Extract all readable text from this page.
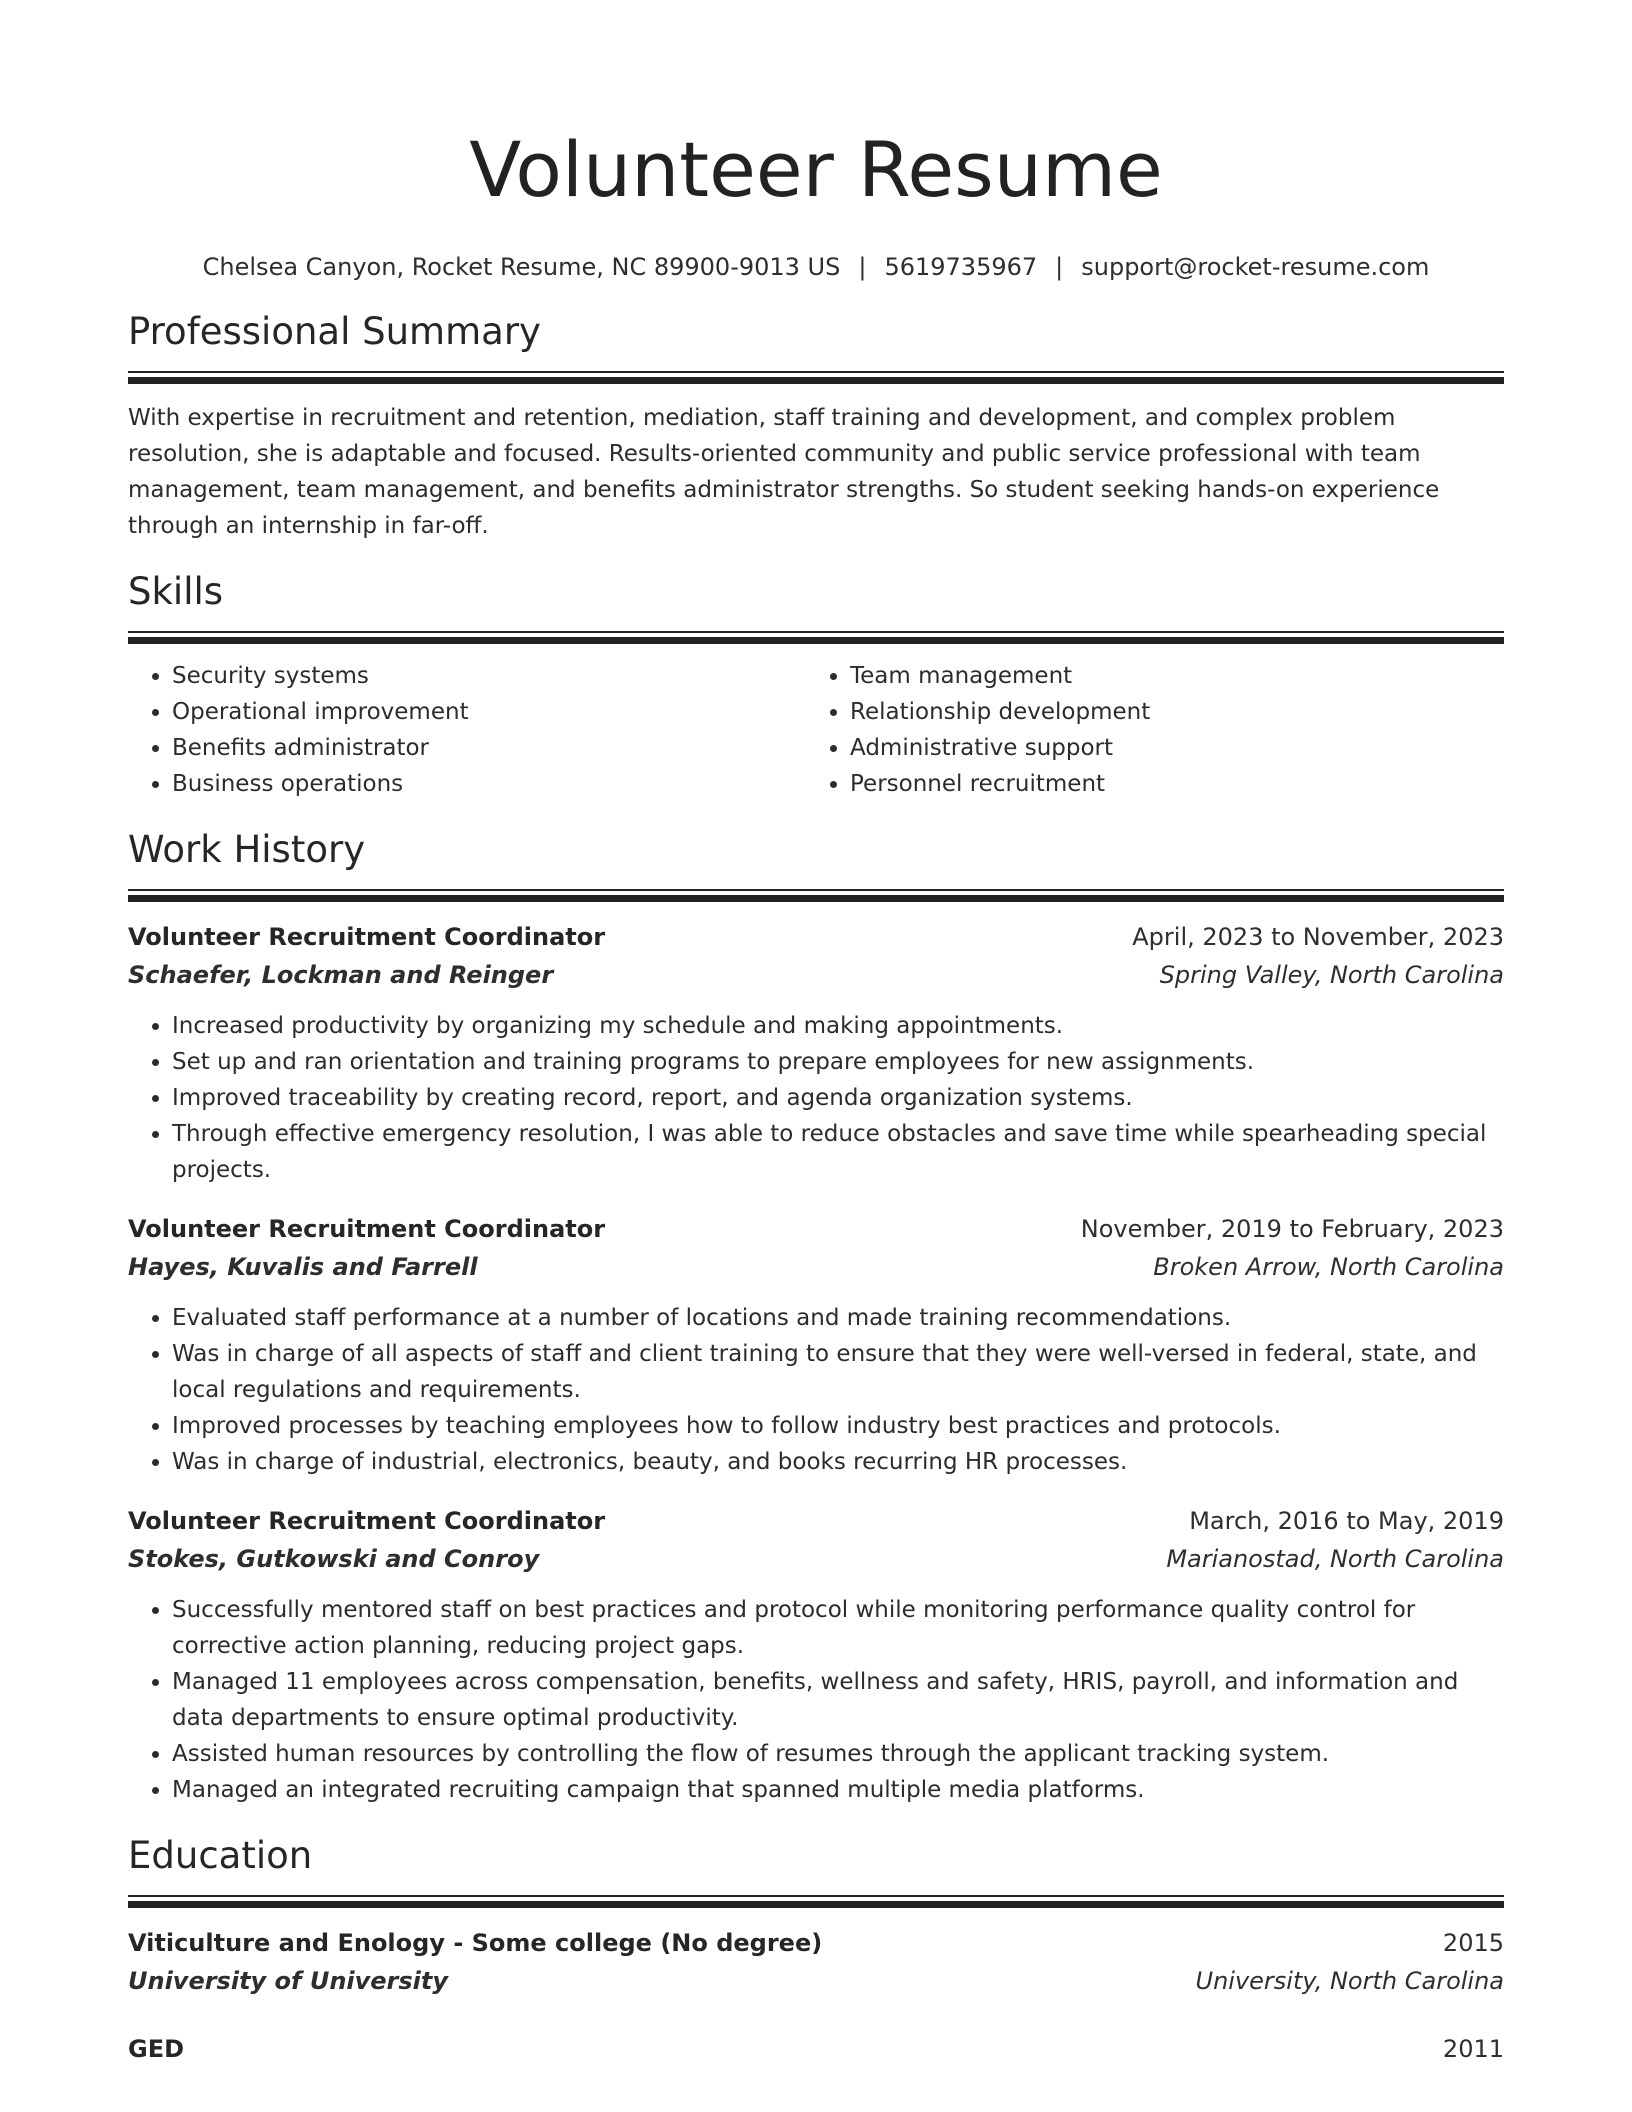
Volunteer Resume
Chelsea Canyon, Rocket Resume, NC 89900-9013 US | 5619735967 | support@rocket-resume.com
Professional Summary

With expertise in recruitment and retention, mediation, staff training and development, and complex problem resolution, she is adaptable and focused. Results-oriented community and public service professional with team management, team management, and benefits administrator strengths. So student seeking hands-on experience through an internship in far-off.

Skills
• Security systems
• Operational improvement
• Benefits administrator
• Business operations
• Team management
• Relationship development
• Administrative support
• Personnel recruitment
Work History
Volunteer Recruitment Coordinator	April, 2023 to November, 2023
Schaefer, Lockman and Reinger	Spring Valley, North Carolina
• Increased productivity by organizing my schedule and making appointments.
• Set up and ran orientation and training programs to prepare employees for new assignments.
• Improved traceability by creating record, report, and agenda organization systems.
• Through effective emergency resolution, I was able to reduce obstacles and save time while spearheading special projects.
Volunteer Recruitment Coordinator	November, 2019 to February, 2023
Hayes, Kuvalis and Farrell	Broken Arrow, North Carolina
• Evaluated staff performance at a number of locations and made training recommendations.
• Was in charge of all aspects of staff and client training to ensure that they were well-versed in federal, state, and local regulations and requirements.
• Improved processes by teaching employees how to follow industry best practices and protocols.
• Was in charge of industrial, electronics, beauty, and books recurring HR processes.
Volunteer Recruitment Coordinator	March, 2016 to May, 2019
Stokes, Gutkowski and Conroy	Marianostad, North Carolina
• Successfully mentored staff on best practices and protocol while monitoring performance quality control for corrective action planning, reducing project gaps.
• Managed 11 employees across compensation, benefits, wellness and safety, HRIS, payroll, and information and data departments to ensure optimal productivity.
• Assisted human resources by controlling the flow of resumes through the applicant tracking system.
• Managed an integrated recruiting campaign that spanned multiple media platforms.
Education
Viticulture and Enology - Some college (No degree)	2015
University of University	University, North Carolina
GED	2011
